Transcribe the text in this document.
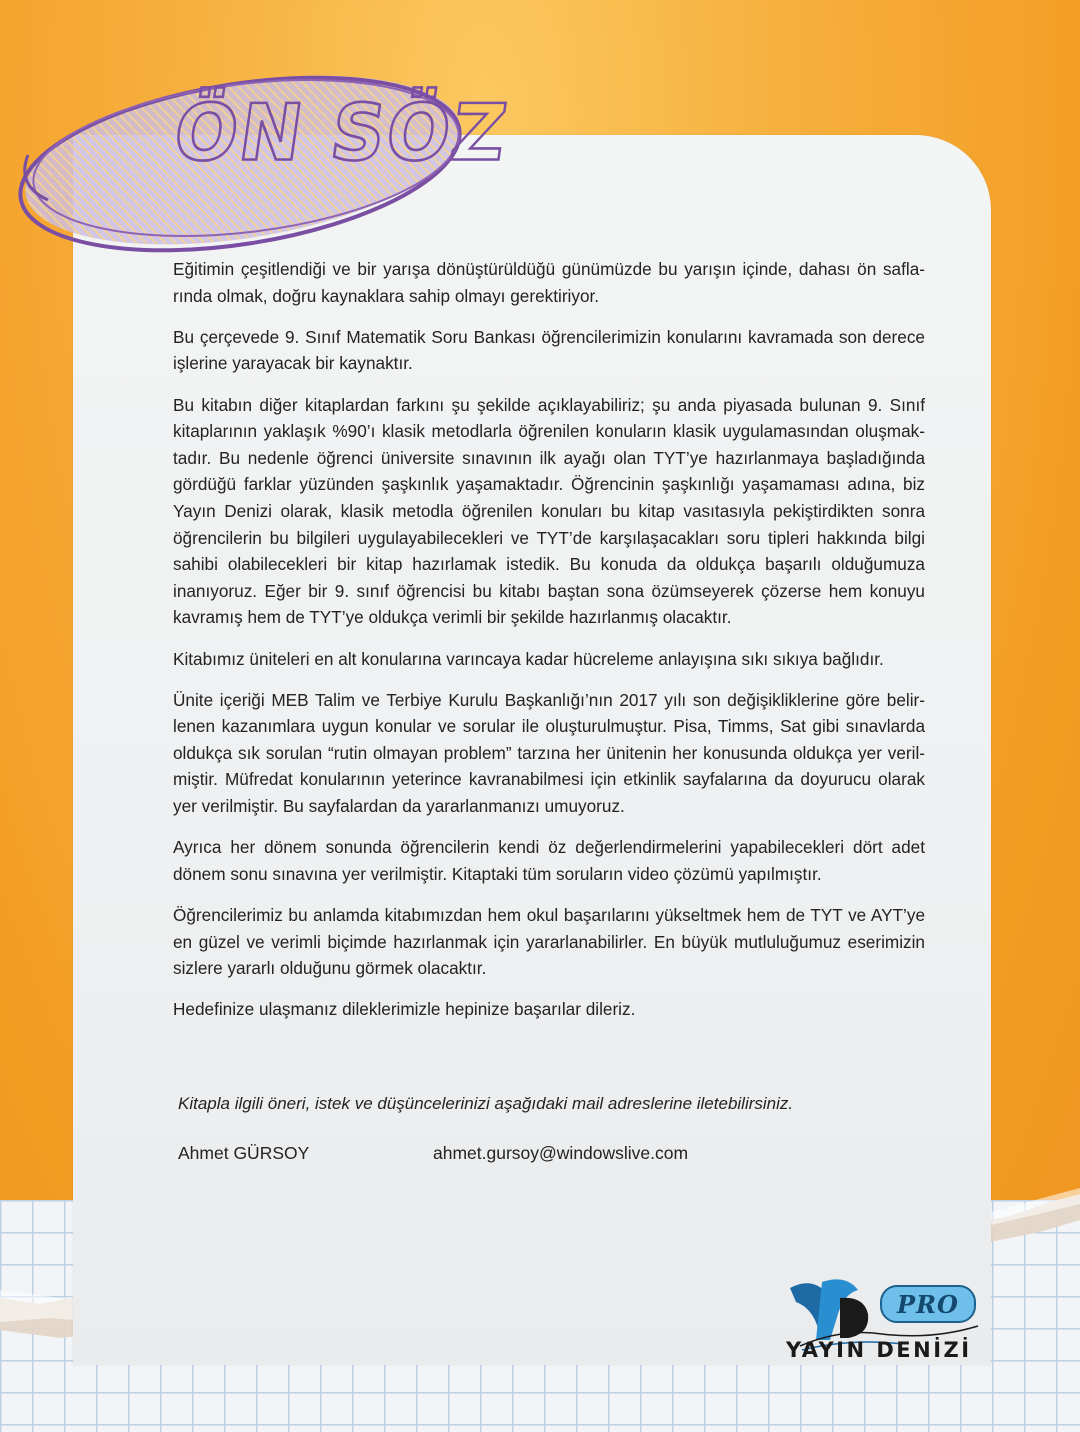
ÖN SÖZ

Eğitimin çeşitlendiği ve bir yarışa dönüştürüldüğü günümüzde bu yarışın içinde, dahası ön saflarında olmak, doğru kaynaklara sahip olmayı gerektiriyor.

Bu çerçevede 9. Sınıf Matematik Soru Bankası öğrencilerimizin konularını kavramada son derece işlerine yarayacak bir kaynaktır.

Bu kitabın diğer kitaplardan farkını şu şekilde açıklayabiliriz; şu anda piyasada bulunan 9. Sınıf kitaplarının yaklaşık %90’ı klasik metodlarla öğrenilen konuların klasik uygulamasından oluşmaktadır. Bu nedenle öğrenci üniversite sınavının ilk ayağı olan TYT’ye hazırlanmaya başladığında gördüğü farklar yüzünden şaşkınlık yaşamaktadır. Öğrencinin şaşkınlığı yaşamaması adına, biz Yayın Denizi olarak, klasik metodla öğrenilen konuları bu kitap vasıtasıyla pekiştirdikten sonra öğrencilerin bu bilgileri uygulayabilecekleri ve TYT’de karşılaşacakları soru tipleri hakkında bilgi sahibi olabilecekleri bir kitap hazırlamak istedik. Bu konuda da oldukça başarılı olduğumuza inanıyoruz. Eğer bir 9. sınıf öğrencisi bu kitabı baştan sona özümseyerek çözerse hem konuyu kavramış hem de TYT’ye oldukça verimli bir şekilde hazırlanmış olacaktır.

Kitabımız üniteleri en alt konularına varıncaya kadar hücreleme anlayışına sıkı sıkıya bağlıdır.

Ünite içeriği MEB Talim ve Terbiye Kurulu Başkanlığı’nın 2017 yılı son değişikliklerine göre belirlenen kazanımlara uygun konular ve sorular ile oluşturulmuştur. Pisa, Timms, Sat gibi sınavlarda oldukça sık sorulan “rutin olmayan problem” tarzına her ünitenin her konusunda oldukça yer verilmiştir. Müfredat konularının yeterince kavranabilmesi için etkinlik sayfalarına da doyurucu olarak yer verilmiştir. Bu sayfalardan da yararlanmanızı umuyoruz.

Ayrıca her dönem sonunda öğrencilerin kendi öz değerlendirmelerini yapabilecekleri dört adet dönem sonu sınavına yer verilmiştir. Kitaptaki tüm soruların video çözümü yapılmıştır.

Öğrencilerimiz bu anlamda kitabımızdan hem okul başarılarını yükseltmek hem de TYT ve AYT’ye en güzel ve verimli biçimde hazırlanmak için yararlanabilirler. En büyük mutluluğumuz eserimizin sizlere yararlı olduğunu görmek olacaktır.

Hedefinize ulaşmanız dileklerimizle hepinize başarılar dileriz.

Kitapla ilgili öneri, istek ve düşüncelerinizi aşağıdaki mail adreslerine iletebilirsiniz.
Ahmet GÜRSOY	ahmet.gursoy@windowslive.com
PRO
YAYIN DENİZİ
